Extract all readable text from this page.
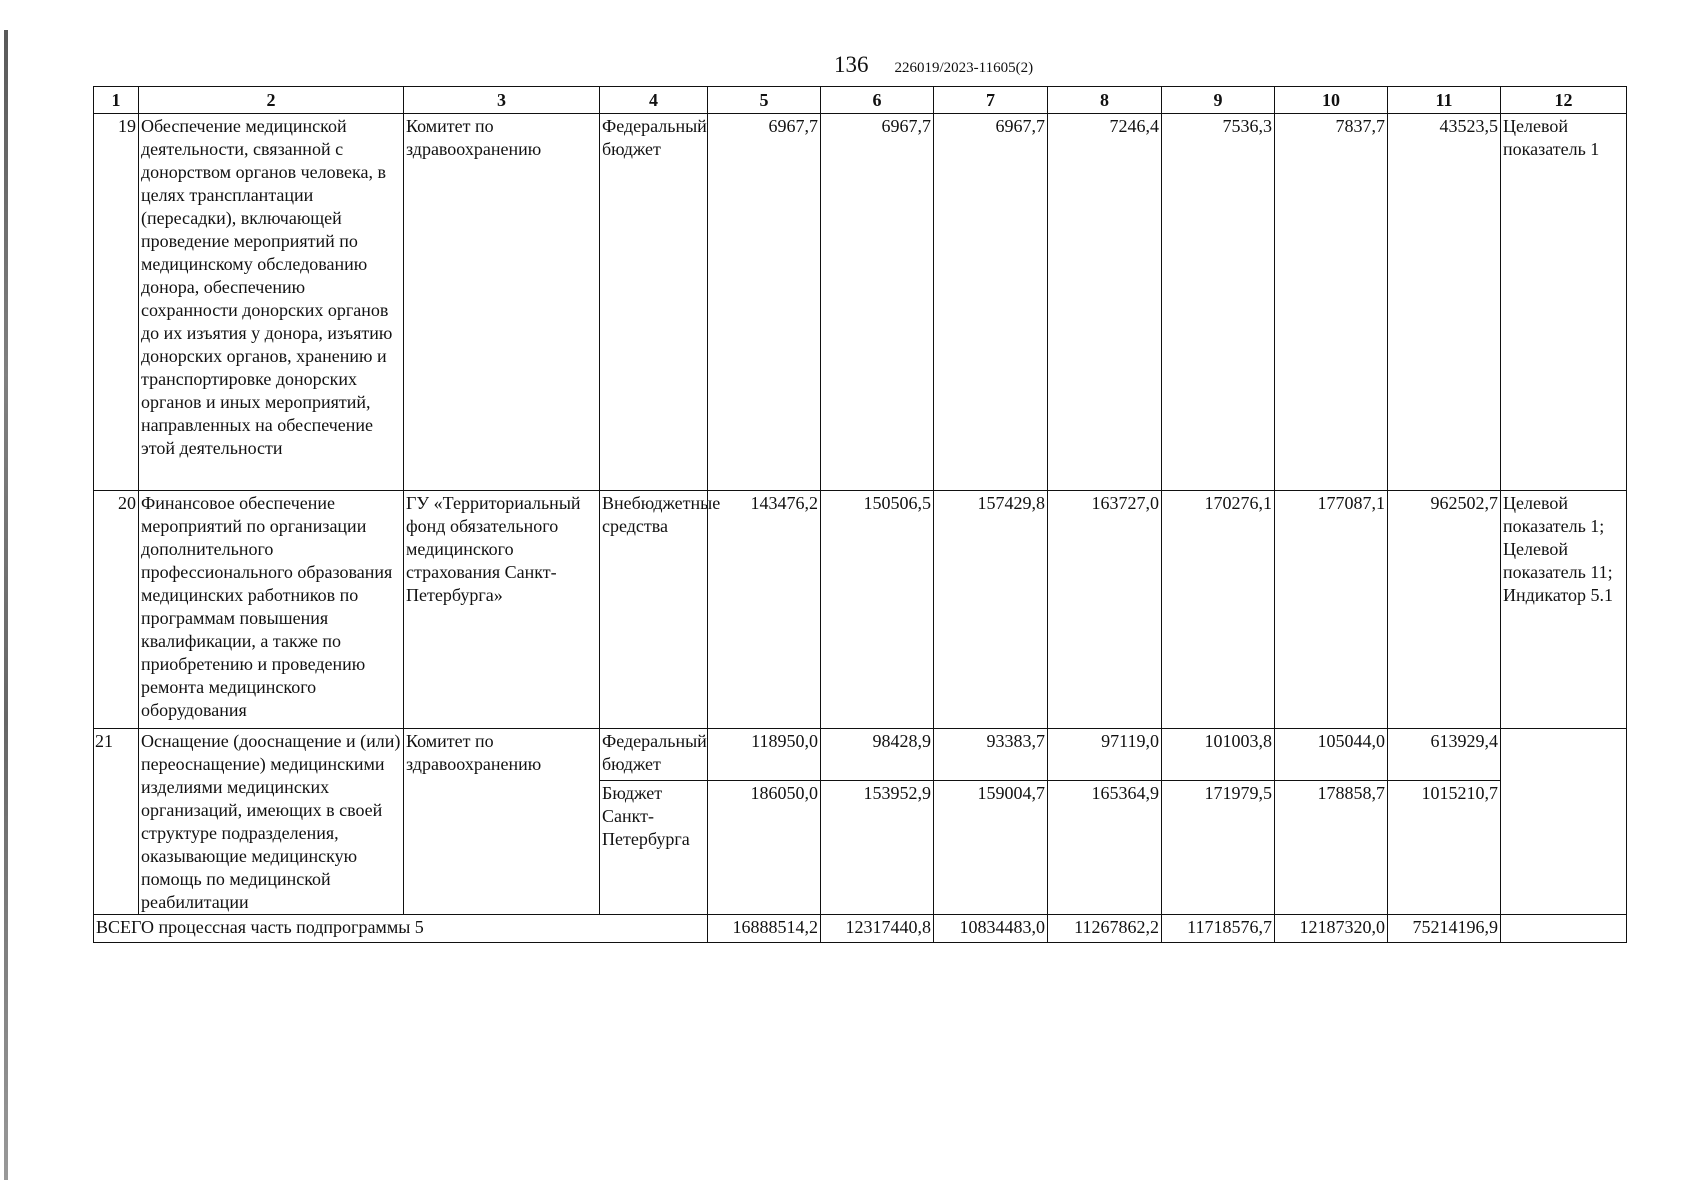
136 226019/2023-11605(2)
1	2	3	4	5	6	7	8	9	10	11	12
19	Обеспечение медицинской деятельности, связанной с донорством органов человека, в целях трансплантации (пересадки), включающей проведение мероприятий по медицинскому обследованию донора, обеспечению сохранности донорских органов до их изъятия у донора, изъятию донорских органов, хранению и транспортировке донорских органов и иных мероприятий, направленных на обеспечение этой деятельности	Комитет по здравоохранению	Федеральный бюджет	6967,7	6967,7	6967,7	7246,4	7536,3	7837,7	43523,5	Целевой показатель 1
20	Финансовое обеспечение мероприятий по организации дополнительного профессионального образования медицинских работников по программам повышения квалификации, а также по приобретению и проведению ремонта медицинского оборудования	ГУ «Территориальный фонд обязательного медицинского страхования Санкт-Петербурга»	Внебюджетные средства	143476,2	150506,5	157429,8	163727,0	170276,1	177087,1	962502,7	Целевой показатель 1; Целевой показатель 11; Индикатор 5.1
21	Оснащение (дооснащение и (или) переоснащение) медицинскими изделиями медицинских организаций, имеющих в своей структуре подразделения, оказывающие медицинскую помощь по медицинской реабилитации	Комитет по здравоохранению	Федеральный бюджет	118950,0	98428,9	93383,7	97119,0	101003,8	105044,0	613929,4	
			Бюджет Санкт-Петербурга	186050,0	153952,9	159004,7	165364,9	171979,5	178858,7	1015210,7	
ВСЕГО процессная часть подпрограммы 5				16888514,2	12317440,8	10834483,0	11267862,2	11718576,7	12187320,0	75214196,9	
